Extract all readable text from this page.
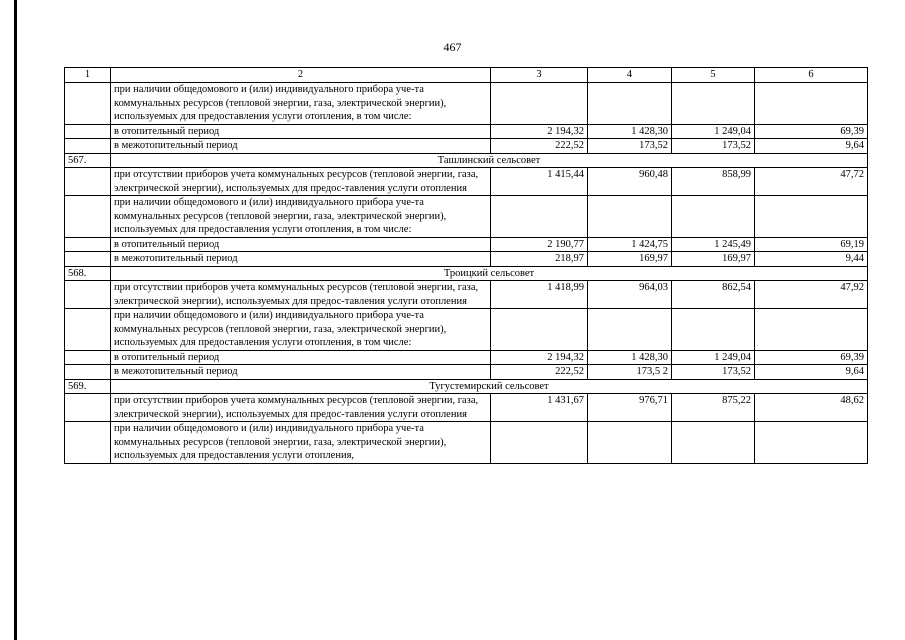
467
1	2	3	4	5	6
	при наличии общедомового и (или) индивидуального прибора уче-та коммунальных ресурсов (тепловой энергии, газа, электрической энергии), используемых для предоставления услуги отопления, в том числе:				
	в отопительный период	2 194,32	1 428,30	1 249,04	69,39
	в межотопительный период	222,52	173,52	173,52	9,64
567.	Ташлинский сельсовет				
	при отсутствии приборов учета коммунальных ресурсов (тепловой энергии, газа, электрической энергии), используемых для предос-тавления услуги отопления	1 415,44	960,48	858,99	47,72
	при наличии общедомового и (или) индивидуального прибора уче-та коммунальных ресурсов (тепловой энергии, газа, электрической энергии), используемых для предоставления услуги отопления, в том числе:				
	в отопительный период	2 190,77	1 424,75	1 245,49	69,19
	в межотопительный период	218,97	169,97	169,97	9,44
568.	Троицкий сельсовет				
	при отсутствии приборов учета коммунальных ресурсов (тепловой энергии, газа, электрической энергии), используемых для предос-тавления услуги отопления	1 418,99	964,03	862,54	47,92
	при наличии общедомового и (или) индивидуального прибора уче-та коммунальных ресурсов (тепловой энергии, газа, электрической энергии), используемых для предоставления услуги отопления, в том числе:				
	в отопительный период	2 194,32	1 428,30	1 249,04	69,39
	в межотопительный период	222,52	173,5 2	173,52	9,64
569.	Тугустемирский сельсовет				
	при отсутствии приборов учета коммунальных ресурсов (тепловой энергии, газа, электрической энергии), используемых для предос-тавления услуги отопления	1 431,67	976,71	875,22	48,62
	при наличии общедомового и (или) индивидуального прибора уче-та коммунальных ресурсов (тепловой энергии, газа, электрической энергии), используемых для предоставления услуги отопления,				
